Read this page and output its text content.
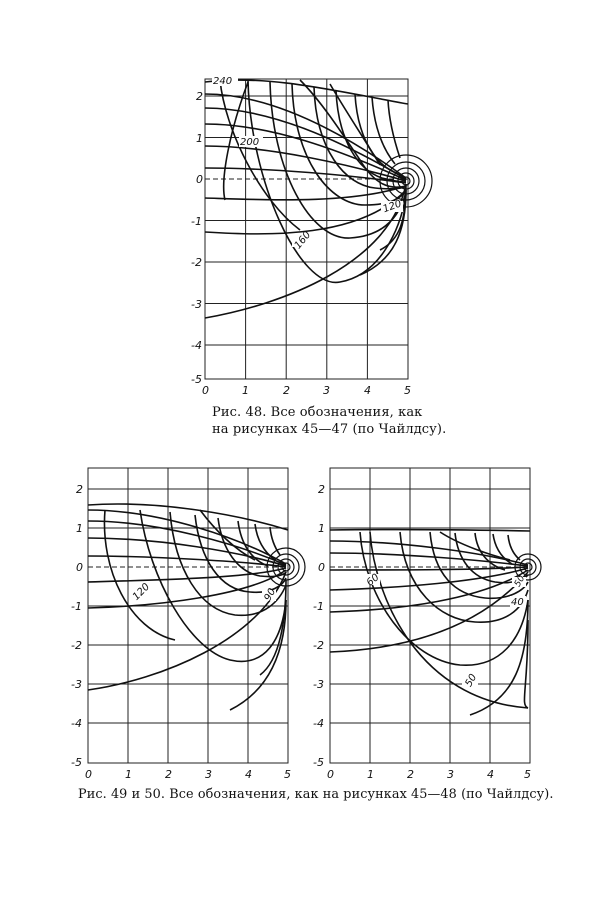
2
1
0
-1
-2
-3
-4
-5
0	1	2	3	4	5
240
200
160
120
2
1
0
-1
-2
-3
-4
-5
0	1	2	3	4	5
120	90
2
1
0
-1
-2
-3
-4
-5
0	1	2	3	4	5
60
50
40
50
Рис. 48. Все обозначения, как
на рисунках 45—47 (по Чайлдсу).
Рис. 49 и 50. Все обозначения, как на рисунках 45—48 (по Чайлдсу).
